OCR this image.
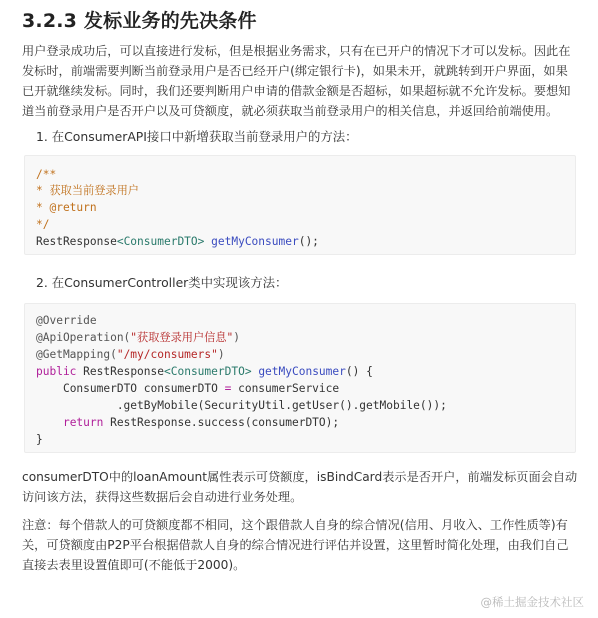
3.2.3 发标业务的先决条件
用户登录成功后，可以直接进行发标，但是根据业务需求，只有在已开户的情况下才可以发标。因此在
发标时，前端需要判断当前登录用户是否已经开户(绑定银行卡)，如果未开，就跳转到开户界面，如果
已开就继续发标。同时，我们还要判断用户申请的借款金额是否超标，如果超标就不允许发标。要想知
道当前登录用户是否开户以及可贷额度，就必须获取当前登录用户的相关信息，并返回给前端使用。
1. 在ConsumerAPI接口中新增获取当前登录用户的方法：
/**
* 获取当前登录用户
* @return
*/
RestResponse<ConsumerDTO> getMyConsumer();
2. 在ConsumerController类中实现该方法：
@Override
@ApiOperation("获取登录用户信息")
@GetMapping("/my/consumers")
public RestResponse<ConsumerDTO> getMyConsumer() {
ConsumerDTO consumerDTO = consumerService
.getByMobile(SecurityUtil.getUser().getMobile());
return RestResponse.success(consumerDTO);
}
consumerDTO中的loanAmount属性表示可贷额度，isBindCard表示是否开户，前端发标页面会自动
访问该方法，获得这些数据后会自动进行业务处理。
注意：每个借款人的可贷额度都不相同，这个跟借款人自身的综合情况(信用、月收入、工作性质等)有
关，可贷额度由P2P平台根据借款人自身的综合情况进行评估并设置，这里暂时简化处理，由我们自己
直接去表里设置值即可(不能低于2000)。
@稀土掘金技术社区
